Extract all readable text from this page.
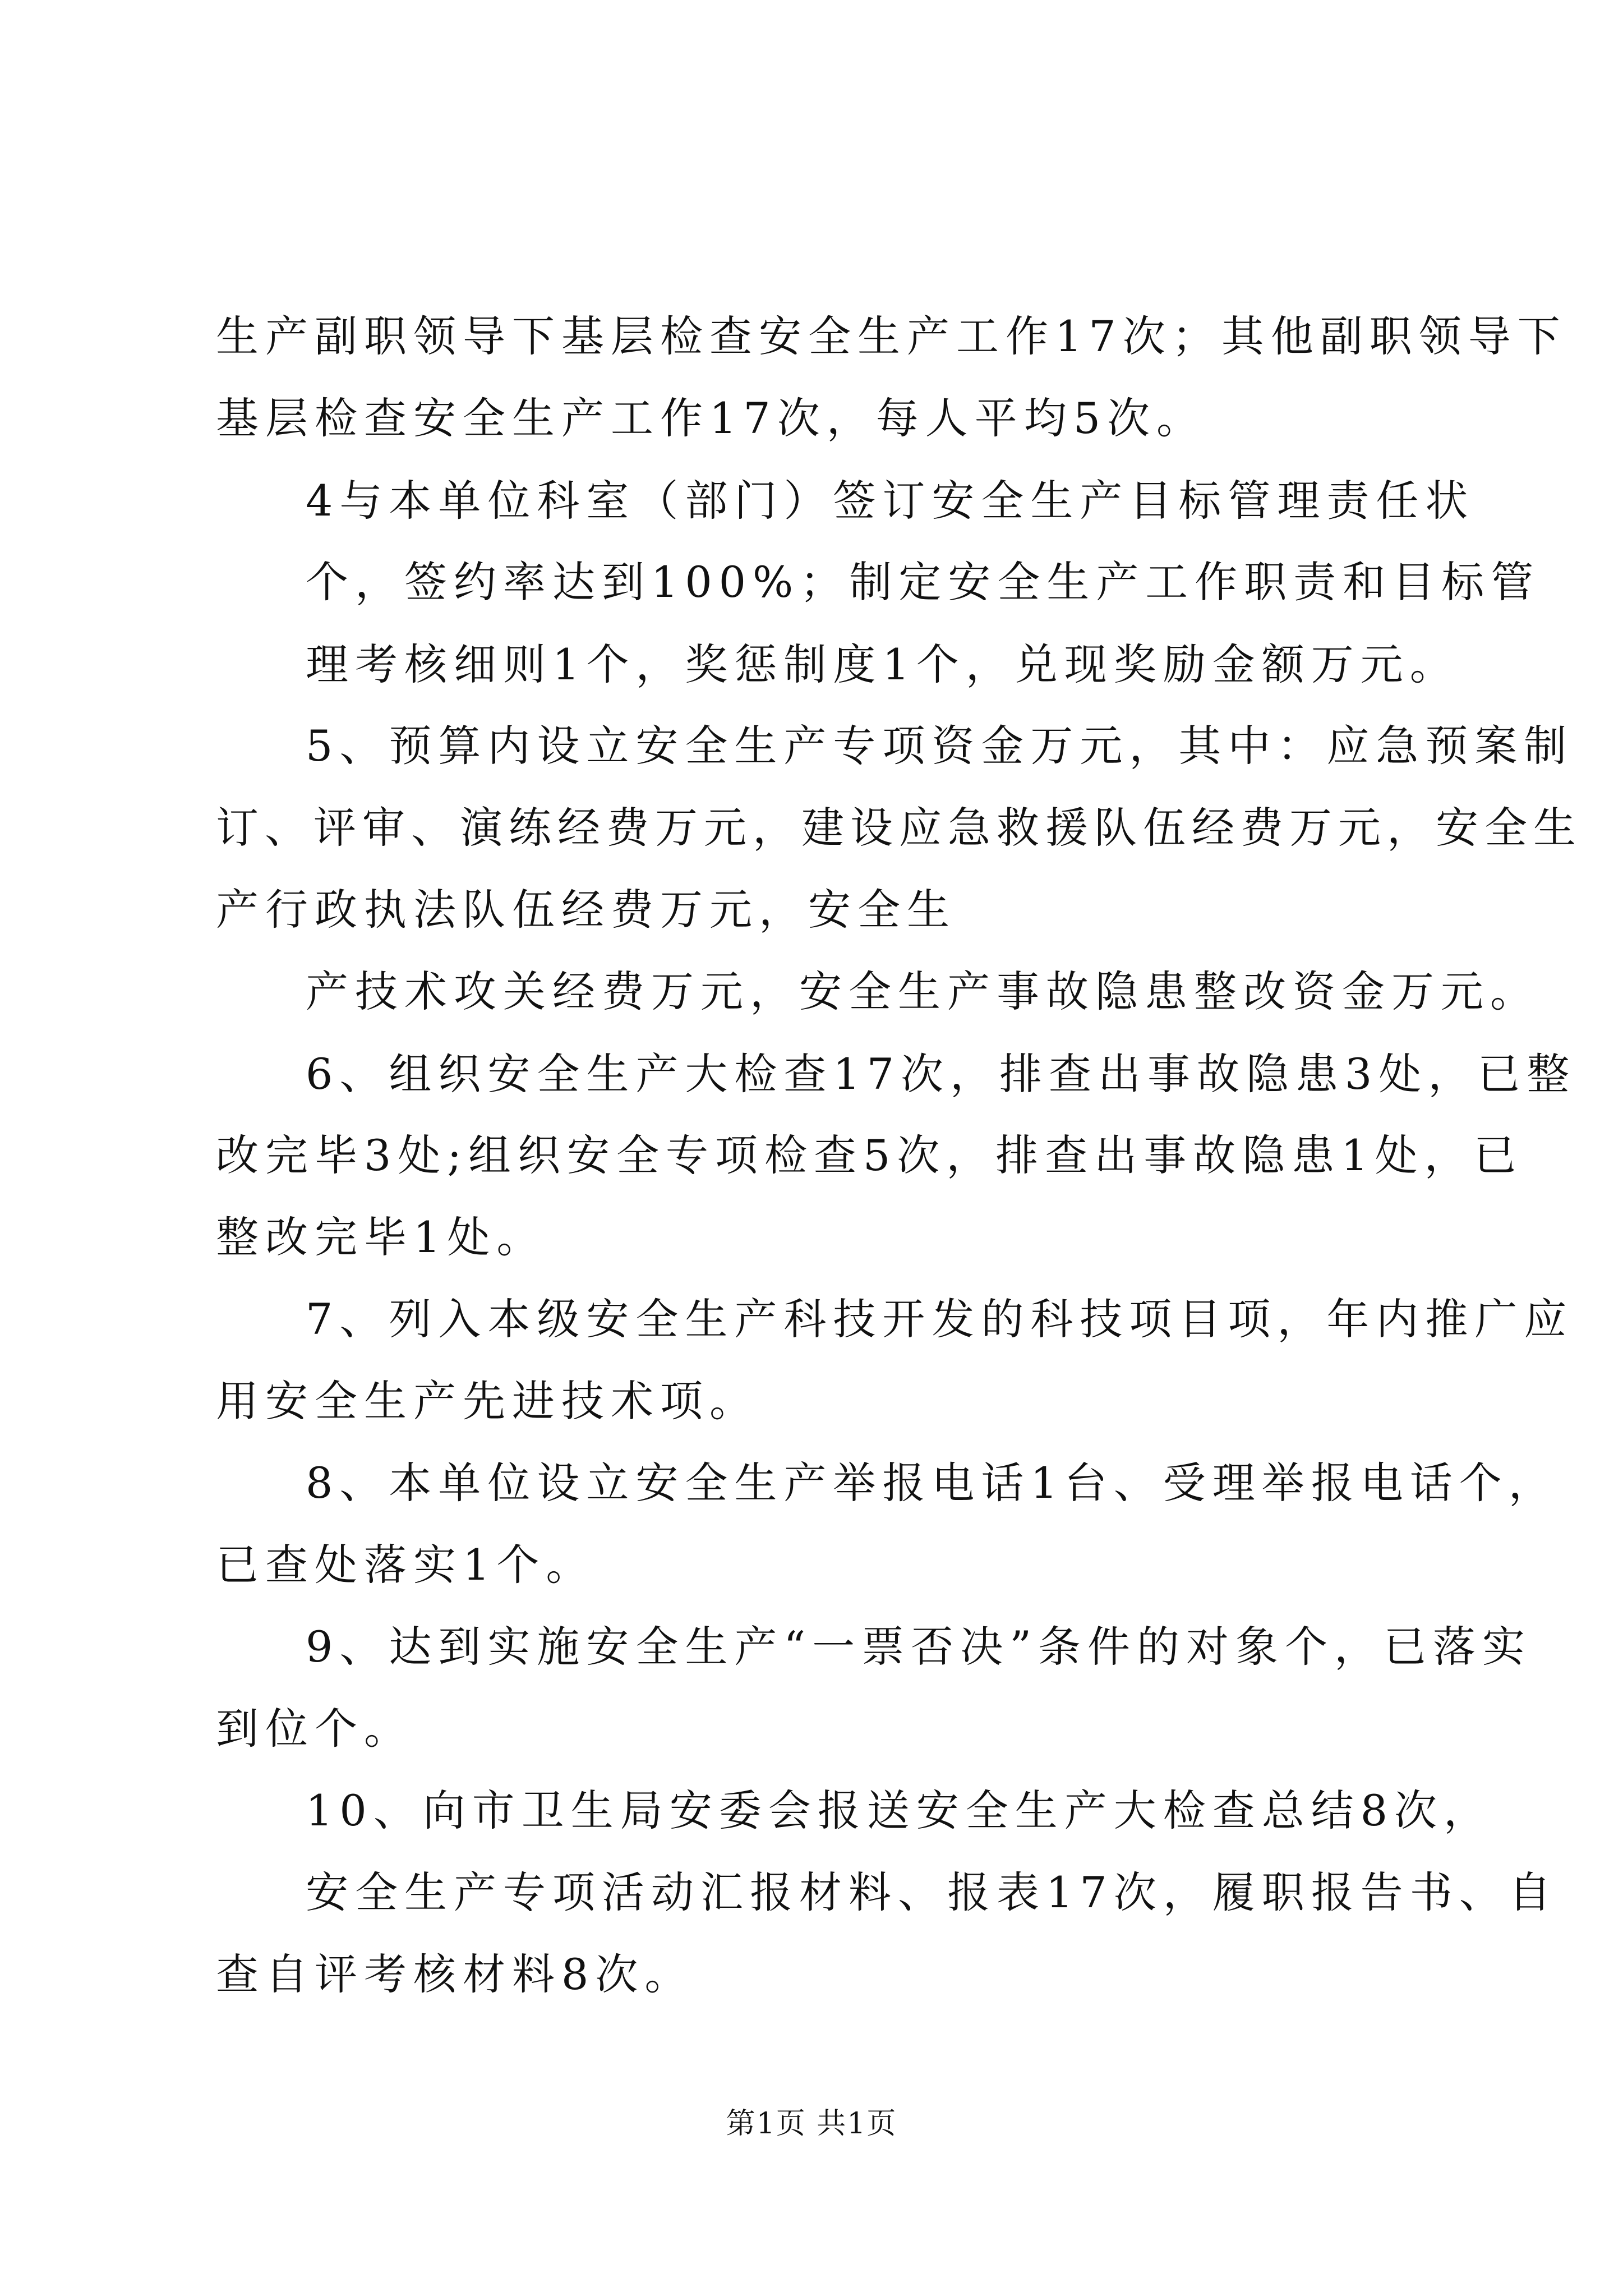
生产副职领导下基层检查安全生产工作17次；其他副职领导下
基层检查安全生产工作17次，每人平均5次。
4与本单位科室（部门）签订安全生产目标管理责任状
个，签约率达到100%；制定安全生产工作职责和目标管
理考核细则1个，奖惩制度1个，兑现奖励金额万元。
5、预算内设立安全生产专项资金万元，其中：应急预案制
订、评审、演练经费万元，建设应急救援队伍经费万元，安全生
产行政执法队伍经费万元，安全生
产技术攻关经费万元，安全生产事故隐患整改资金万元。
6、组织安全生产大检查17次，排查出事故隐患3处，已整
改完毕3处;组织安全专项检查5次，排查出事故隐患1处，已
整改完毕1处。
7、列入本级安全生产科技开发的科技项目项，年内推广应
用安全生产先进技术项。
8、本单位设立安全生产举报电话1台、受理举报电话个，
已查处落实1个。
9、达到实施安全生产“一票否决”条件的对象个，已落实
到位个。
10、向市卫生局安委会报送安全生产大检查总结8次，
安全生产专项活动汇报材料、报表17次，履职报告书、自
查自评考核材料8次。
第1页 共1页
